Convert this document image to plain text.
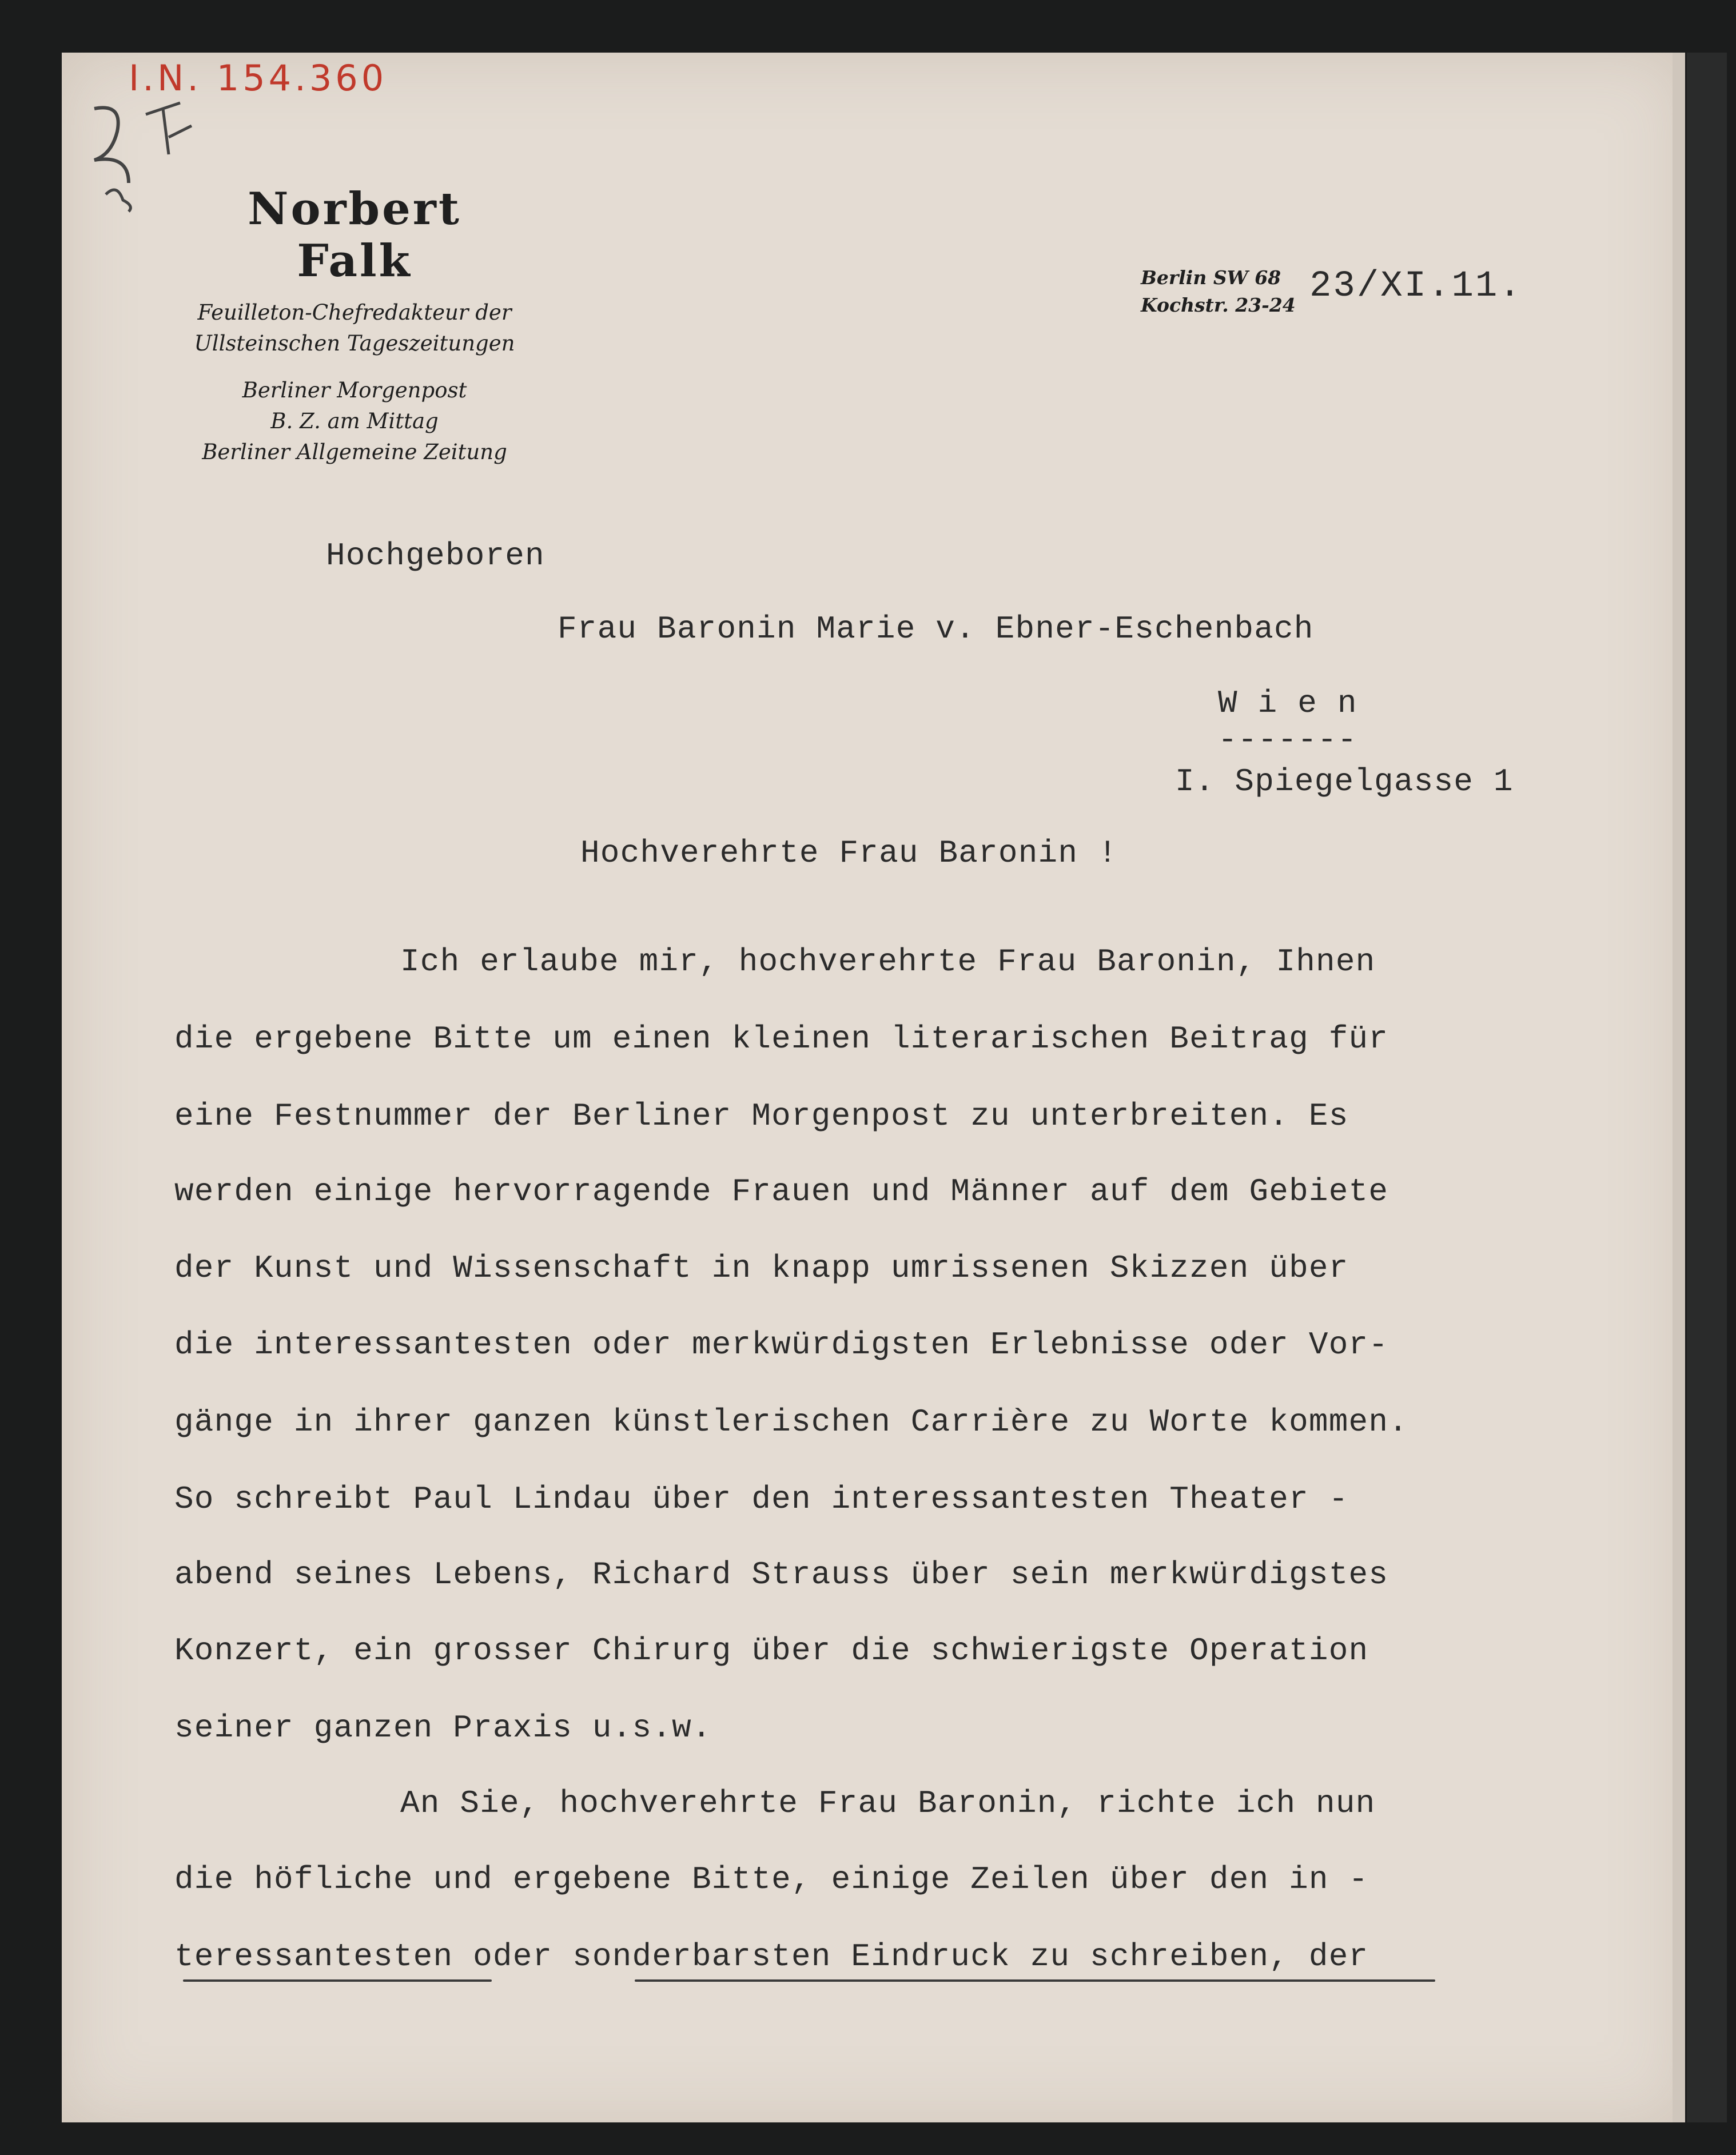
I.N. 154.360
Norbert Falk
Feuilleton-Chefredakteur der
Ullsteinschen Tageszeitungen
Berliner Morgenpost
B. Z. am Mittag
Berliner Allgemeine Zeitung
Berlin SW 68
Kochstr. 23-24 23/XI.11.
Hochgeboren
Frau Baronin Marie v. Ebner-Eschenbach
W i e n
-------
I. Spiegelgasse 1
Hochverehrte Frau Baronin !
Ich erlaube mir, hochverehrte Frau Baronin, Ihnen
die ergebene Bitte um einen kleinen literarischen Beitrag für
eine Festnummer der Berliner Morgenpost zu unterbreiten. Es
werden einige hervorragende Frauen und Männer auf dem Gebiete
der Kunst und Wissenschaft in knapp umrissenen Skizzen über
die interessantesten oder merkwürdigsten Erlebnisse oder Vor-
gänge in ihrer ganzen künstlerischen Carrière zu Worte kommen.
So schreibt Paul Lindau über den interessantesten Theater -
abend seines Lebens, Richard Strauss über sein merkwürdigstes
Konzert, ein grosser Chirurg über die schwierigste Operation
seiner ganzen Praxis u.s.w.
An Sie, hochverehrte Frau Baronin, richte ich nun
die höfliche und ergebene Bitte, einige Zeilen über den in -
teressantesten oder sonderbarsten Eindruck zu schreiben, der
